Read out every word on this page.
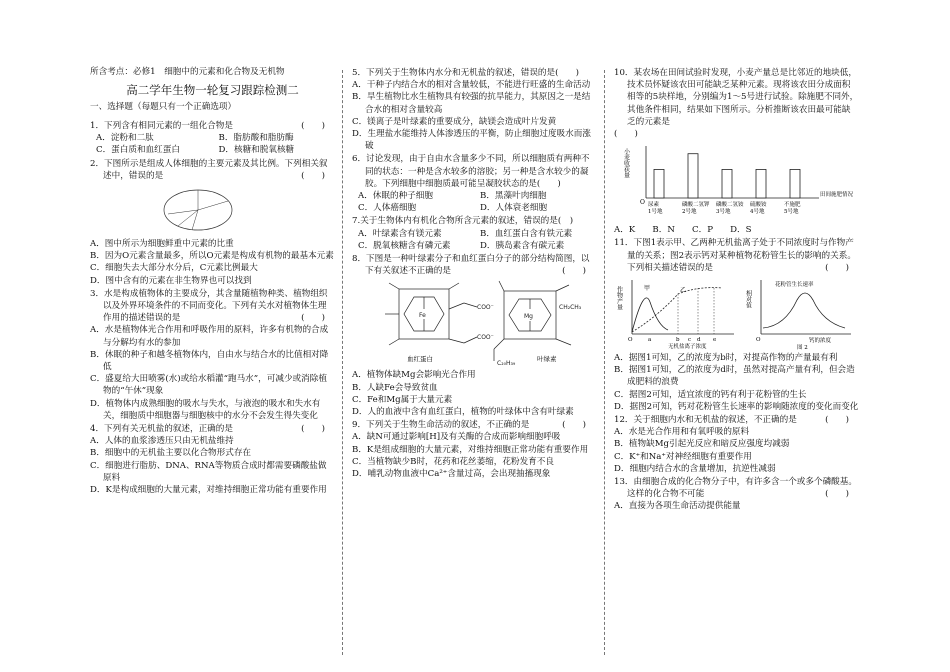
所含考点：必修1　细胞中的元素和化合物及无机物

高二学年生物一轮复习跟踪检测二

一、选择题（每题只有一个正确选项）

1．下列含有相同元素的一组化合物是	(　　)

A．淀粉和二肽	B．脂肪酸和脂肪酶
C．蛋白质和血红蛋白	D．核糖和脱氧核糖

2．下图所示是组成人体细胞的主要元素及其比例。下列相关叙述中，错误的是	(　　)

A．图中所示为细胞鲜重中元素的比重

B．因为O元素含量最多，所以O元素是构成有机物的最基本元素

C．细胞失去大部分水分后，C元素比例最大

D．图中含有的元素在非生物界也可以找到

3．水是构成植物体的主要成分，其含量随植物种类、植物组织以及外界环境条件的不同而变化。下列有关水对植物体生理作用的描述错误的是	(　　)

A．水是植物体光合作用和呼吸作用的原料，许多有机物的合成与分解均有水的参加

B．休眠的种子和越冬植物体内，自由水与结合水的比值相对降低

C．盛夏给大田喷雾(水)或给水稻灌“跑马水”，可减少或消除植物的“午休”现象

D．植物体内成熟细胞的吸水与失水，与液泡的吸水和失水有关，细胞质中细胞器与细胞核中的水分不会发生得失变化

4．下列有关无机盐的叙述，正确的是	(　　)

A．人体的血浆渗透压只由无机盐维持

B．细胞中的无机盐主要以化合物形式存在

C．细胞进行脂肪、DNA、RNA等物质合成时都需要磷酸盐做原料

D．K是构成细胞的大量元素，对维持细胞正常功能有重要作用

5．下列关于生物体内水分和无机盐的叙述，错误的是(　　)

A．干种子内结合水的相对含量较低，不能进行旺盛的生命活动

B．旱生植物比水生植物具有较强的抗旱能力，其原因之一是结合水的相对含量较高

C．镁离子是叶绿素的重要成分，缺镁会造成叶片发黄

D．生理盐水能维持人体渗透压的平衡，防止细胞过度吸水而涨破

6．讨论发现，由于自由水含量多少不同，所以细胞质有两种不同的状态：一种是含水较多的溶胶；另一种是含水较少的凝胶。下列细胞中细胞质最可能呈凝胶状态的是(　　)

A．休眠的种子细胞	B．黑藻叶肉细胞
C．人体癌细胞	D．人体衰老细胞

7.关于生物体内有机化合物所含元素的叙述，错误的是(　)

A．叶绿素含有镁元素	B．血红蛋白含有铁元素
C．脱氧核糖含有磷元素	D．胰岛素含有碳元素

8．下图是一种叶绿素分子和血红蛋白分子的部分结构简图，以下有关叙述不正确的是	(　　)

Fe	Mg
COO⁻
COO⁻
CH₂CH₃
C₂₀H₃₉
血红蛋白	叶绿素

A．植物体缺Mg会影响光合作用

B．人缺Fe会导致贫血

C．Fe和Mg属于大量元素

D．人的血液中含有血红蛋白，植物的叶绿体中含有叶绿素

9．下列关于生物生命活动的叙述，不正确的是	(　　)

A．缺N可通过影响[H]及有关酶的合成而影响细胞呼吸

B．K是组成细胞的大量元素，对维持细胞正常功能有重要作用

C．当植物缺少B时，花药和花丝萎缩，花粉发育不良

D．哺乳动物血液中Ca²⁺含量过高，会出现抽搐现象

10．某农场在田间试验时发现，小麦产量总是比邻近的地块低，技术员怀疑该农田可能缺乏某种元素。现将该农田分成面积相等的5块样地，分别编为1～5号进行试验。除施肥不同外，其他条件相同，结果如下图所示。分析推断该农田最可能缺乏的元素是

(　　)

小麦收获量
O
田间施肥情况
尿素
1号地
磷酸二氢钾
2号地
磷酸二氢铵
3号地
硫酸铵
4号地
不施肥
5号地

A．K　　B．N　　C．P　　D．S

11．下图1表示甲、乙两种无机盐离子处于不同浓度时与作物产量的关系；图2表示钙对某种植物花粉管生长的影响的关系。下列相关描述错误的是	(　　)

作物产量	甲	乙
O	a	b c d e
无机盐离子浓度
相对值
花粉管生长速率
O	钙的浓度
图 2

A．据图1可知，乙的浓度为b时，对提高作物的产量最有利

B．据图1可知，乙的浓度为d时，虽然对提高产量有利，但会造成肥料的浪费

C．据图2可知，适宜浓度的钙有利于花粉管的生长

D．据图2可知，钙对花粉管生长速率的影响随浓度的变化而变化

12．关于细胞内水和无机盐的叙述，不正确的是	(　　)

A．水是光合作用和有氧呼吸的原料

B．植物缺Mg引起光反应和暗反应强度均减弱

C．K⁺和Na⁺对神经细胞有重要作用

D．细胞内结合水的含量增加，抗逆性减弱

13．由细胞合成的化合物分子中，有许多含一个或多个磷酸基。这样的化合物不可能	(　　)

A．直接为各项生命活动提供能量
